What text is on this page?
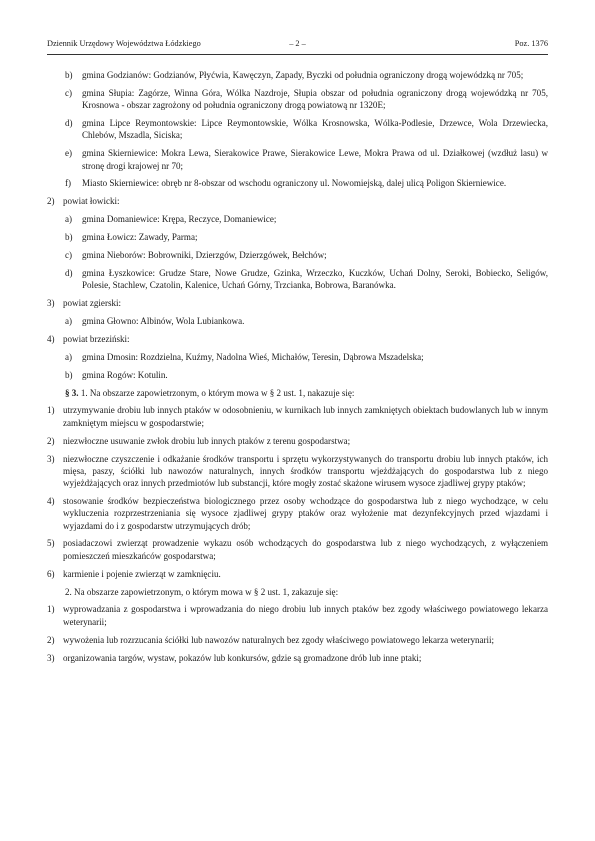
Dziennik Urzędowy Województwa Łódzkiego	– 2 –	Poz. 1376
b) gmina Godzianów: Godzianów, Płyćwia, Kawęczyn, Zapady, Byczki od południa ograniczony drogą wojewódzką nr 705;
c) gmina Słupia: Zagórze, Winna Góra, Wólka Nazdroje, Słupia obszar od południa ograniczony drogą wojewódzką nr 705, Krosnowa - obszar zagrożony od południa ograniczony drogą powiatową nr 1320E;
d) gmina Lipce Reymontowskie: Lipce Reymontowskie, Wólka Krosnowska, Wólka-Podlesie, Drzewce, Wola Drzewiecka, Chlebów, Mszadla, Siciska;
e) gmina Skierniewice: Mokra Lewa, Sierakowice Prawe, Sierakowice Lewe, Mokra Prawa od ul. Działkowej (wzdłuż lasu) w stronę drogi krajowej nr 70;
f) Miasto Skierniewice: obręb nr 8-obszar od wschodu ograniczony ul. Nowomiejską, dalej ulicą Poligon Skierniewice.
2) powiat łowicki:
a) gmina Domaniewice: Krępa, Reczyce, Domaniewice;
b) gmina Łowicz: Zawady, Parma;
c) gmina Nieborów: Bobrowniki, Dzierzgów, Dzierzgówek, Bełchów;
d) gmina Łyszkowice: Grudze Stare, Nowe Grudze, Gzinka, Wrzeczko, Kuczków, Uchań Dolny, Seroki, Bobiecko, Seligów, Polesie, Stachlew, Czatolin, Kalenice, Uchań Górny, Trzcianka, Bobrowa, Baranówka.
3) powiat zgierski:
a) gmina Głowno: Albinów, Wola Lubiankowa.
4) powiat brzeziński:
a) gmina Dmosin: Rozdzielna, Kuźmy, Nadolna Wieś, Michałów, Teresin, Dąbrowa Mszadelska;
b) gmina Rogów: Kotulin.
§ 3. 1. Na obszarze zapowietrzonym, o którym mowa w § 2 ust. 1, nakazuje się:
1) utrzymywanie drobiu lub innych ptaków w odosobnieniu, w kurnikach lub innych zamkniętych obiektach budowlanych lub w innym zamkniętym miejscu w gospodarstwie;
2) niezwłoczne usuwanie zwłok drobiu lub innych ptaków z terenu gospodarstwa;
3) niezwłoczne czyszczenie i odkażanie środków transportu i sprzętu wykorzystywanych do transportu drobiu lub innych ptaków, ich mięsa, paszy, ściółki lub nawozów naturalnych, innych środków transportu wjeżdżających do gospodarstwa lub z niego wyjeżdżających oraz innych przedmiotów lub substancji, które mogły zostać skażone wirusem wysoce zjadliwej grypy ptaków;
4) stosowanie środków bezpieczeństwa biologicznego przez osoby wchodzące do gospodarstwa lub z niego wychodzące, w celu wykluczenia rozprzestrzeniania się wysoce zjadliwej grypy ptaków oraz wyłożenie mat dezynfekcyjnych przed wjazdami i wyjazdami do i z gospodarstw utrzymujących drób;
5) posiadaczowi zwierząt prowadzenie wykazu osób wchodzących do gospodarstwa lub z niego wychodzących, z wyłączeniem pomieszczeń mieszkańców gospodarstwa;
6) karmienie i pojenie zwierząt w zamknięciu.
2. Na obszarze zapowietrzonym, o którym mowa w § 2 ust. 1, zakazuje się:
1) wyprowadzania z gospodarstwa i wprowadzania do niego drobiu lub innych ptaków bez zgody właściwego powiatowego lekarza weterynarii;
2) wywożenia lub rozrzucania ściółki lub nawozów naturalnych bez zgody właściwego powiatowego lekarza weterynarii;
3) organizowania targów, wystaw, pokazów lub konkursów, gdzie są gromadzone drób lub inne ptaki;
